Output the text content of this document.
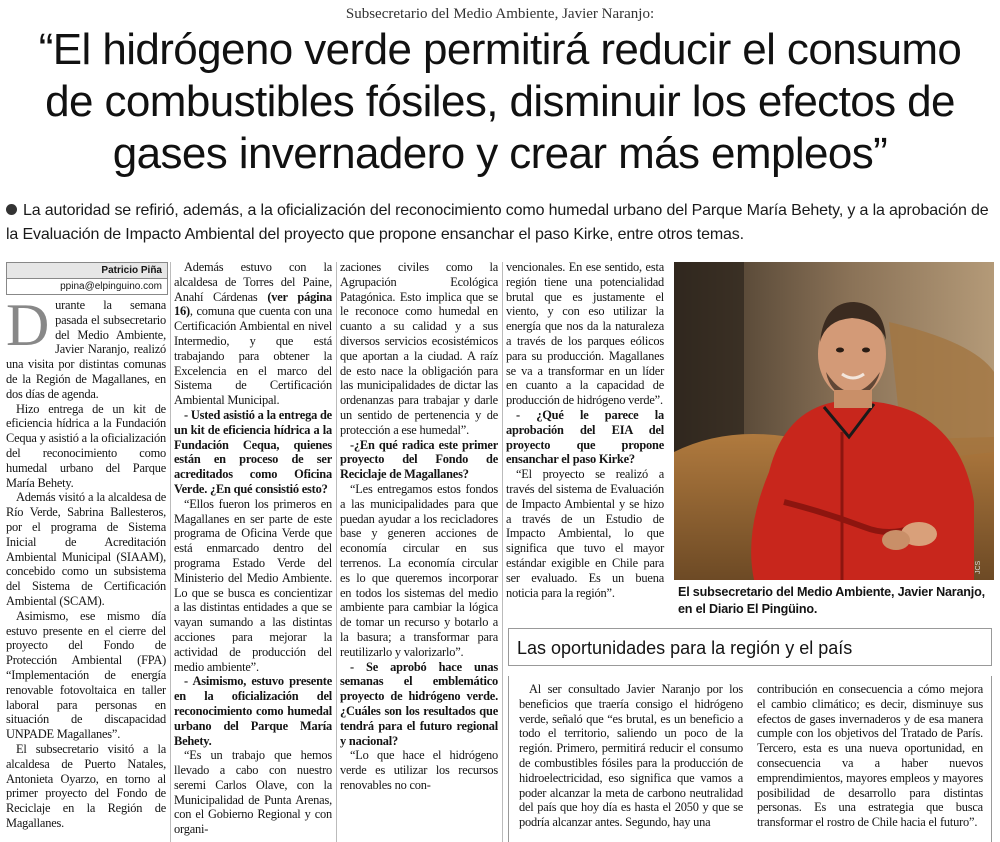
Subsecretario del Medio Ambiente, Javier Naranjo:
“El hidrógeno verde permitirá reducir el consumo
de combustibles fósiles, disminuir los efectos de
gases invernadero y crear más empleos”

La autoridad se refirió, además, a la oficialización del reconocimiento como humedal urbano del Parque María Behety, y a la aprobación de la Evaluación de Impacto Ambiental del proyecto que propone ensanchar el paso Kirke, entre otros temas.

Patricio Piña
ppina@elpinguino.com
D urante la semana pasada el subsecretario del Medio Ambiente, Javier Naranjo, realizó una visita por distintas comunas de la Región de Magallanes, en dos días de agenda.

Hizo entrega de un kit de eficiencia hídrica a la Fundación Cequa y asistió a la oficialización del reconocimiento como humedal urbano del Parque María Behety.

Además visitó a la alcaldesa de Río Verde, Sabrina Ballesteros, por el programa de Sistema Inicial de Acreditación Ambiental Municipal (SIAAM), concebido como un subsistema del Sistema de Certificación Ambiental (SCAM).

Asimismo, ese mismo día estuvo presente en el cierre del proyecto del Fondo de Protección Ambiental (FPA) “Implementación de energía renovable fotovoltaica en taller laboral para personas en situación de discapacidad UNPADE Magallanes”.

El subsecretario visitó a la alcaldesa de Puerto Natales, Antonieta Oyarzo, en torno al primer proyecto del Fondo de Reciclaje en la Región de Magallanes.

Además estuvo con la alcaldesa de Torres del Paine, Anahí Cárdenas (ver página 16), comuna que cuenta con una Certificación Ambiental en nivel Intermedio, y que está trabajando para obtener la Excelencia en el marco del Sistema de Certificación Ambiental Municipal.

- Usted asistió a la entrega de un kit de eficiencia hídrica a la Fundación Cequa, quienes están en proceso de ser acreditados como Oficina Verde. ¿En qué consistió esto?

“Ellos fueron los primeros en Magallanes en ser parte de este programa de Oficina Verde que está enmarcado dentro del programa Estado Verde del Ministerio del Medio Ambiente. Lo que se busca es concientizar a las distintas entidades a que se vayan sumando a las distintas acciones para mejorar la actividad de producción del medio ambiente”.

- Asimismo, estuvo presente en la oficialización del reconocimiento como humedal urbano del Parque María Behety.

“Es un trabajo que hemos llevado a cabo con nuestro seremi Carlos Olave, con la Municipalidad de Punta Arenas, con el Gobierno Regional y con organi-

zaciones civiles como la Agrupación Ecológica Patagónica. Esto implica que se le reconoce como humedal en cuanto a su calidad y a sus diversos servicios ecosistémicos que aportan a la ciudad. A raíz de esto nace la obligación para las municipalidades de dictar las ordenanzas para trabajar y darle un sentido de pertenencia y de protección a ese humedal”.

-¿En qué radica este primer proyecto del Fondo de Reciclaje de Magallanes?

“Les entregamos estos fondos a las municipalidades para que puedan ayudar a los recicladores base y generen acciones de economía circular en sus terrenos. La economía circular es lo que queremos incorporar en todos los sistemas del medio ambiente para cambiar la lógica de tomar un recurso y botarlo a la basura; a transformar para reutilizarlo y valorizarlo”.

- Se aprobó hace unas semanas el emblemático proyecto de hidrógeno verde. ¿Cuáles son los resultados que tendrá para el futuro regional y nacional?

“Lo que hace el hidrógeno verde es utilizar los recursos renovables no con-

vencionales. En ese sentido, esta región tiene una potencialidad brutal que es justamente el viento, y con eso utilizar la energía que nos da la naturaleza a través de los parques eólicos para su producción. Magallanes se va a transformar en un líder en cuanto a la capacidad de producción de hidrógeno verde”.

- ¿Qué le parece la aprobación del EIA del proyecto que propone ensanchar el paso Kirke?

“El proyecto se realizó a través del sistema de Evaluación de Impacto Ambiental y se hizo a través de un Estudio de Impacto Ambiental, lo que significa que tuvo el mayor estándar exigible en Chile para ser evaluado. Es un buena noticia para la región”.

JCS
El subsecretario del Medio Ambiente, Javier Naranjo, en el Diario El Pingüino.
Las oportunidades para la región y el país

Al ser consultado Javier Naranjo por los beneficios que traería consigo el hidrógeno verde, señaló que “es brutal, es un beneficio a todo el territorio, saliendo un poco de la región. Primero, permitirá reducir el consumo de combustibles fósiles para la producción de hidroelectricidad, eso significa que vamos a poder alcanzar la meta de carbono neutralidad del país que hoy día es hasta el 2050 y que se podría alcanzar antes. Segundo, hay una

contribución en consecuencia a cómo mejora el cambio climático; es decir, disminuye sus efectos de gases invernaderos y de esa manera cumple con los objetivos del Tratado de París. Tercero, esta es una nueva oportunidad, en consecuencia va a haber nuevos emprendimientos, mayores empleos y mayores posibilidad de desarrollo para distintas personas. Es una estrategia que busca transformar el rostro de Chile hacia el futuro”.
